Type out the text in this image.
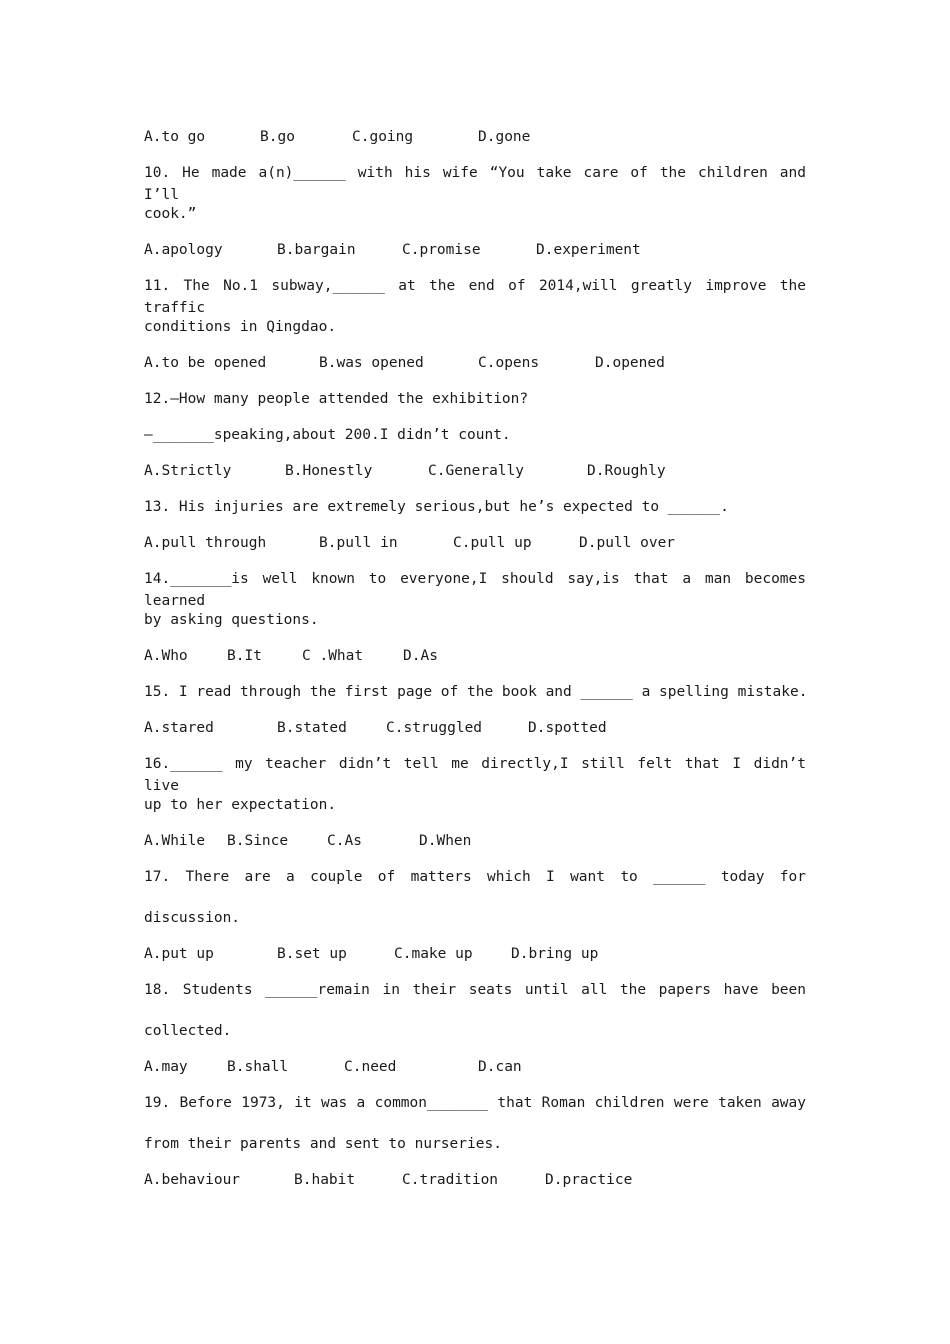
A.to go

	B.go

	C.going

	D.gone

10. He made a(n)______ with his wife “You take care of the children and I’ll
cook.”

A.apology

	B.bargain

	C.promise

	D.experiment

11. The No.1 subway,______ at the end of 2014,will greatly improve the traffic
conditions in Qingdao.

A.to be opened

	B.was opened

	C.opens

	D.opened

12.—How many people attended the exhibition?
—_______speaking,about 200.I didn’t count.

A.Strictly

	B.Honestly

	C.Generally

	D.Roughly

13. His injuries are extremely serious,but he’s expected to ______.

A.pull through

	B.pull in

	C.pull up

	D.pull over

14._______is well known to everyone,I should say,is that a man becomes learned
by asking questions.

A.Who

	B.It

	C .What

	D.As

15. I read through the first page of the book and ______ a spelling mistake.

A.stared

	B.stated

	C.struggled

	D.spotted

16.______ my teacher didn’t tell me directly,I still felt that I didn’t live
up to her expectation.

A.While

B.Since

	C.As

	D.When

17. There are a couple of matters which I want to ______ today for
discussion.

A.put up

	B.set up

	C.make up

	D.bring up

18. Students ______remain in their seats until all the papers have been
collected.

A.may

	B.shall

	C.need

	D.can

19. Before 1973, it was a common_______ that Roman children were taken away
from their parents and sent to nurseries.

A.behaviour

	B.habit

	C.tradition

	D.practice
